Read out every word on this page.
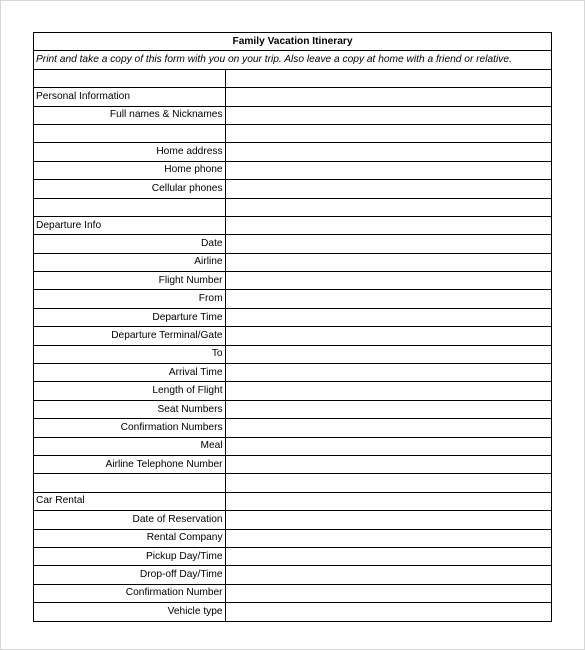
Family Vacation Itinerary	
Print and take a copy of this form with you on your trip. Also leave a copy at home with a friend or relative.	

Personal Information	
Full names & Nicknames	

Home address	
Home phone	
Cellular phones	

Departure Info	
Date	
Airline	
Flight Number	
From	
Departure Time	
Departure Terminal/Gate	
To	
Arrival Time	
Length of Flight	
Seat Numbers	
Confirmation Numbers	
Meal	
Airline Telephone Number	

Car Rental	
Date of Reservation	
Rental Company	
Pickup Day/Time	
Drop-off Day/Time	
Confirmation Number	
Vehicle type	
